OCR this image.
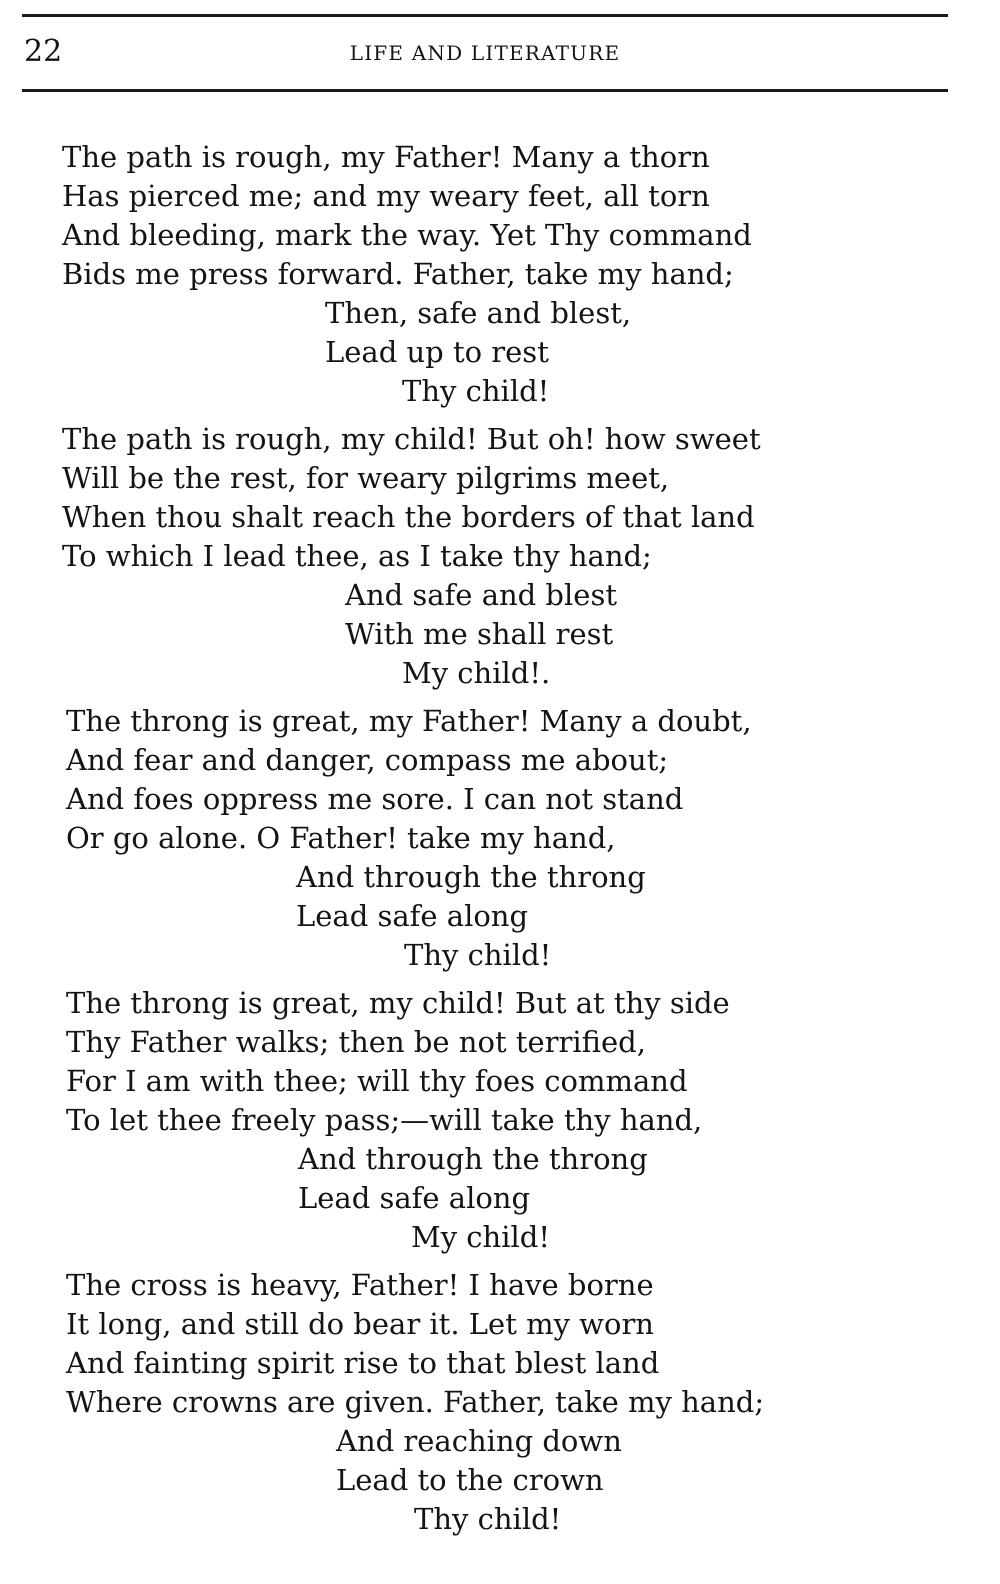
22	LIFE AND LITERATURE
The path is rough, my Father! Many a thorn
Has pierced me; and my weary feet, all torn
And bleeding, mark the way. Yet Thy command
Bids me press forward. Father, take my hand;
Then, safe and blest,
Lead up to rest
Thy child!
The path is rough, my child! But oh! how sweet
Will be the rest, for weary pilgrims meet,
When thou shalt reach the borders of that land
To which I lead thee, as I take thy hand;
And safe and blest
With me shall rest
My child!.
The throng is great, my Father! Many a doubt,
And fear and danger, compass me about;
And foes oppress me sore. I can not stand
Or go alone. O Father! take my hand,
And through the throng
Lead safe along
Thy child!
The throng is great, my child! But at thy side
Thy Father walks; then be not terrified,
For I am with thee; will thy foes command
To let thee freely pass;—will take thy hand,
And through the throng
Lead safe along
My child!
The cross is heavy, Father! I have borne
It long, and still do bear it. Let my worn
And fainting spirit rise to that blest land
Where crowns are given. Father, take my hand;
And reaching down
Lead to the crown
Thy child!
